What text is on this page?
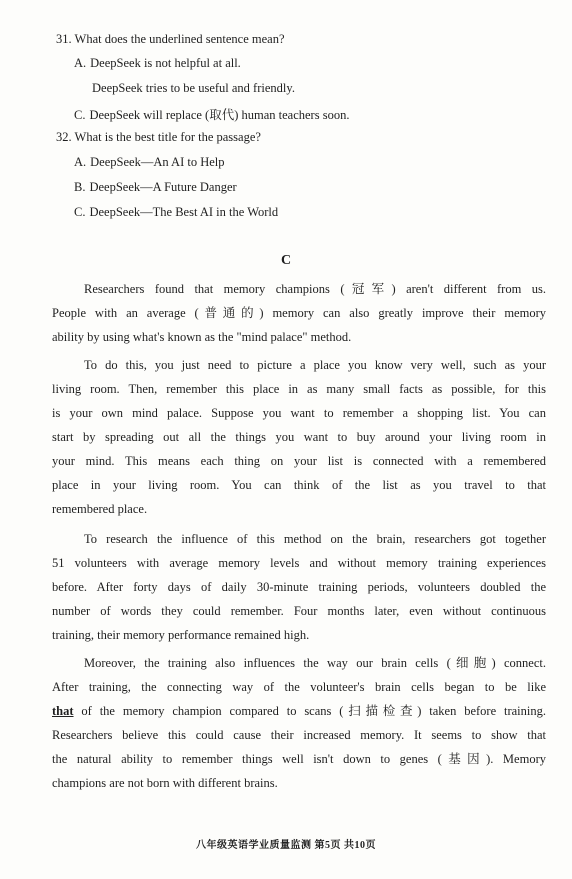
31. What does the underlined sentence mean?
A. DeepSeek is not helpful at all.
DeepSeek tries to be useful and friendly.
C. DeepSeek will replace (取代) human teachers soon.
32. What is the best title for the passage?
A. DeepSeek—An AI to Help
B. DeepSeek—A Future Danger
C. DeepSeek—The Best AI in the World
C
Researchers found that memory champions (冠军) aren't different from us.
People with an average (普通的) memory can also greatly improve their memory
ability by using what's known as the "mind palace" method.
To do this, you just need to picture a place you know very well, such as your
living room. Then, remember this place in as many small facts as possible, for this
is your own mind palace. Suppose you want to remember a shopping list. You can
start by spreading out all the things you want to buy around your living room in
your mind. This means each thing on your list is connected with a remembered
place in your living room. You can think of the list as you travel to that
remembered place.
To research the influence of this method on the brain, researchers got together
51 volunteers with average memory levels and without memory training experiences
before. After forty days of daily 30-minute training periods, volunteers doubled the
number of words they could remember. Four months later, even without continuous
training, their memory performance remained high.
Moreover, the training also influences the way our brain cells (细胞) connect.
After training, the connecting way of the volunteer's brain cells began to be like
that of the memory champion compared to scans (扫描检查) taken before training.
Researchers believe this could cause their increased memory. It seems to show that
the natural ability to remember things well isn't down to genes (基因). Memory
champions are not born with different brains.
八年级英语学业质量监测 第5页 共10页
